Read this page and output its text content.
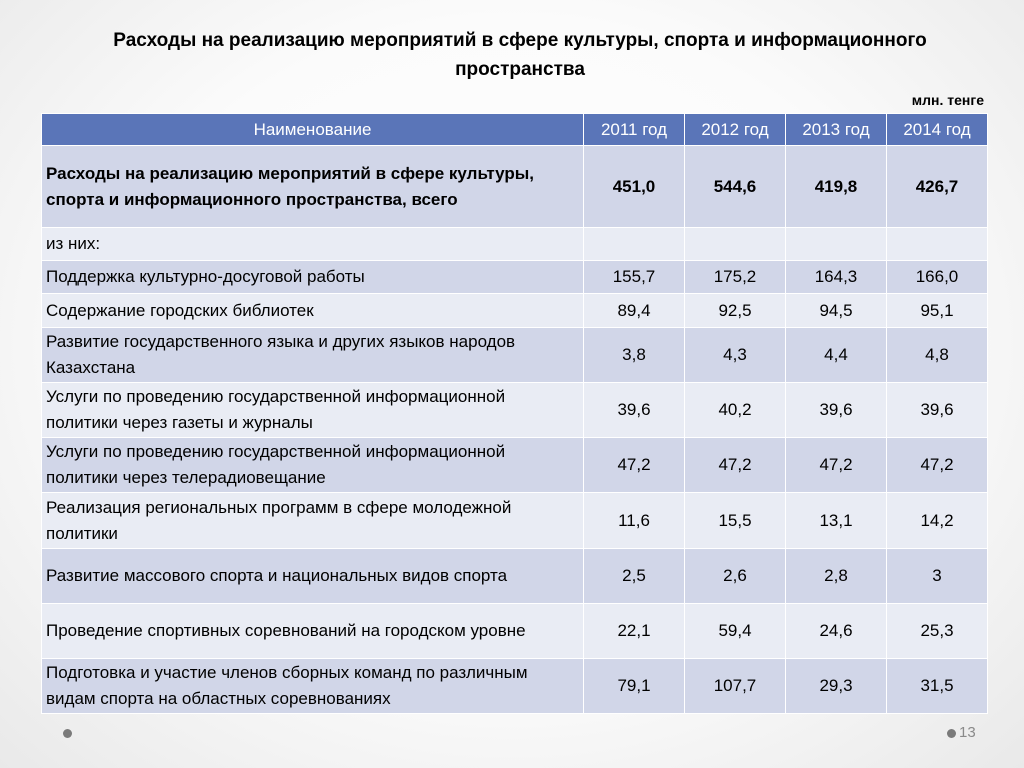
Расходы на реализацию мероприятий в сфере культуры, спорта и информационного пространства
млн. тенге
Наименование	2011 год	2012 год	2013 год	2014 год
Расходы на реализацию мероприятий в сфере культуры, спорта и информационного пространства, всего	451,0	544,6	419,8	426,7
из них:				
Поддержка культурно-досуговой работы	155,7	175,2	164,3	166,0
Содержание городских библиотек	89,4	92,5	94,5	95,1
Развитие государственного языка и других языков народов Казахстана	3,8	4,3	4,4	4,8
Услуги по проведению государственной информационной политики через газеты и журналы	39,6	40,2	39,6	39,6
Услуги по проведению государственной информационной политики через телерадиовещание	47,2	47,2	47,2	47,2
Реализация региональных программ в сфере молодежной политики	11,6	15,5	13,1	14,2
Развитие массового спорта и национальных видов спорта	2,5	2,6	2,8	3
Проведение спортивных соревнований на городском уровне	22,1	59,4	24,6	25,3
Подготовка и участие членов сборных команд по различным видам спорта на областных соревнованиях	79,1	107,7	29,3	31,5
13
